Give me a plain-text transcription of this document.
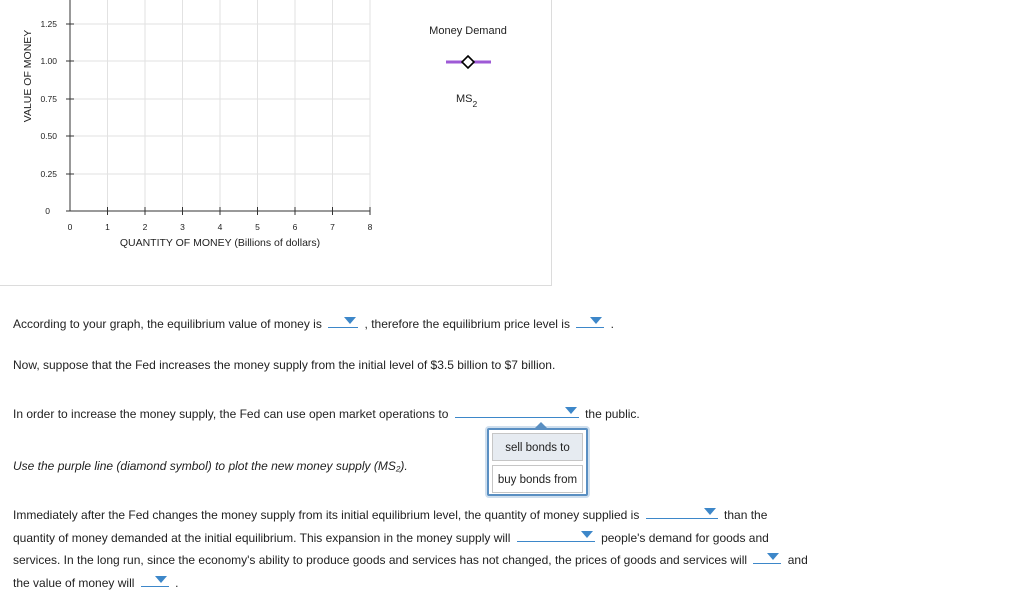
VALUE OF MONEY
1.25
1.00
0.75
0.50
0.25
0
0	1	2	3	4	5	6	7	8
QUANTITY OF MONEY (Billions of dollars)
Money Demand
$MS_2$
According to your graph, the equilibrium value of money is	, therefore the equilibrium price level is	.
Now, suppose that the Fed increases the money supply from the initial level of $3.5 billion to $7 billion.
In order to increase the money supply, the Fed can use open market operations to	the public.
Use the purple line (diamond symbol) to plot the new money supply (MS₂).
sell bonds to
buy bonds from
Immediately after the Fed changes the money supply from its initial equilibrium level, the quantity of money supplied is	than the
quantity of money demanded at the initial equilibrium. This expansion in the money supply will	people's demand for goods and
services. In the long run, since the economy's ability to produce goods and services has not changed, the prices of goods and services will	and
the value of money will	.
